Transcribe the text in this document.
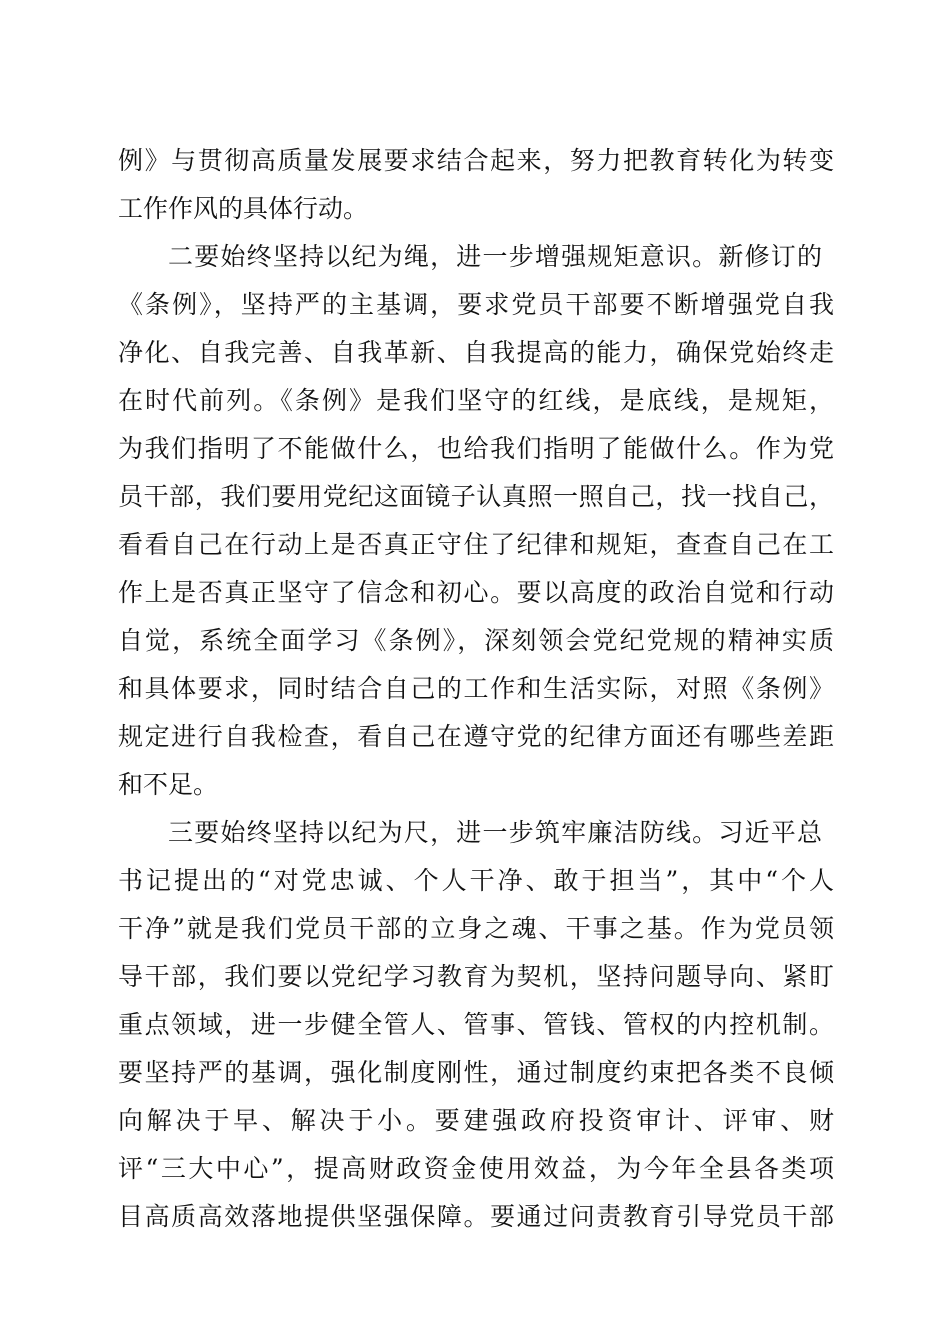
例》与贯彻高质量发展要求结合起来，努力把教育转化为转变
工作作风的具体行动。
二要始终坚持以纪为绳，进一步增强规矩意识。新修订的
《条例》，坚持严的主基调，要求党员干部要不断增强党自我
净化、自我完善、自我革新、自我提高的能力，确保党始终走
在时代前列。《条例》是我们坚守的红线，是底线，是规矩，
为我们指明了不能做什么，也给我们指明了能做什么。作为党
员干部，我们要用党纪这面镜子认真照一照自己，找一找自己，
看看自己在行动上是否真正守住了纪律和规矩，查查自己在工
作上是否真正坚守了信念和初心。要以高度的政治自觉和行动
自觉，系统全面学习《条例》，深刻领会党纪党规的精神实质
和具体要求，同时结合自己的工作和生活实际，对照《条例》
规定进行自我检查，看自己在遵守党的纪律方面还有哪些差距
和不足。
三要始终坚持以纪为尺，进一步筑牢廉洁防线。习近平总
书记提出的“对党忠诚、个人干净、敢于担当”，其中“个人
干净”就是我们党员干部的立身之魂、干事之基。作为党员领
导干部，我们要以党纪学习教育为契机，坚持问题导向、紧盯
重点领域，进一步健全管人、管事、管钱、管权的内控机制。
要坚持严的基调，强化制度刚性，通过制度约束把各类不良倾
向解决于早、解决于小。要建强政府投资审计、评审、财
评“三大中心”，提高财政资金使用效益，为今年全县各类项
目高质高效落地提供坚强保障。要通过问责教育引导党员干部
